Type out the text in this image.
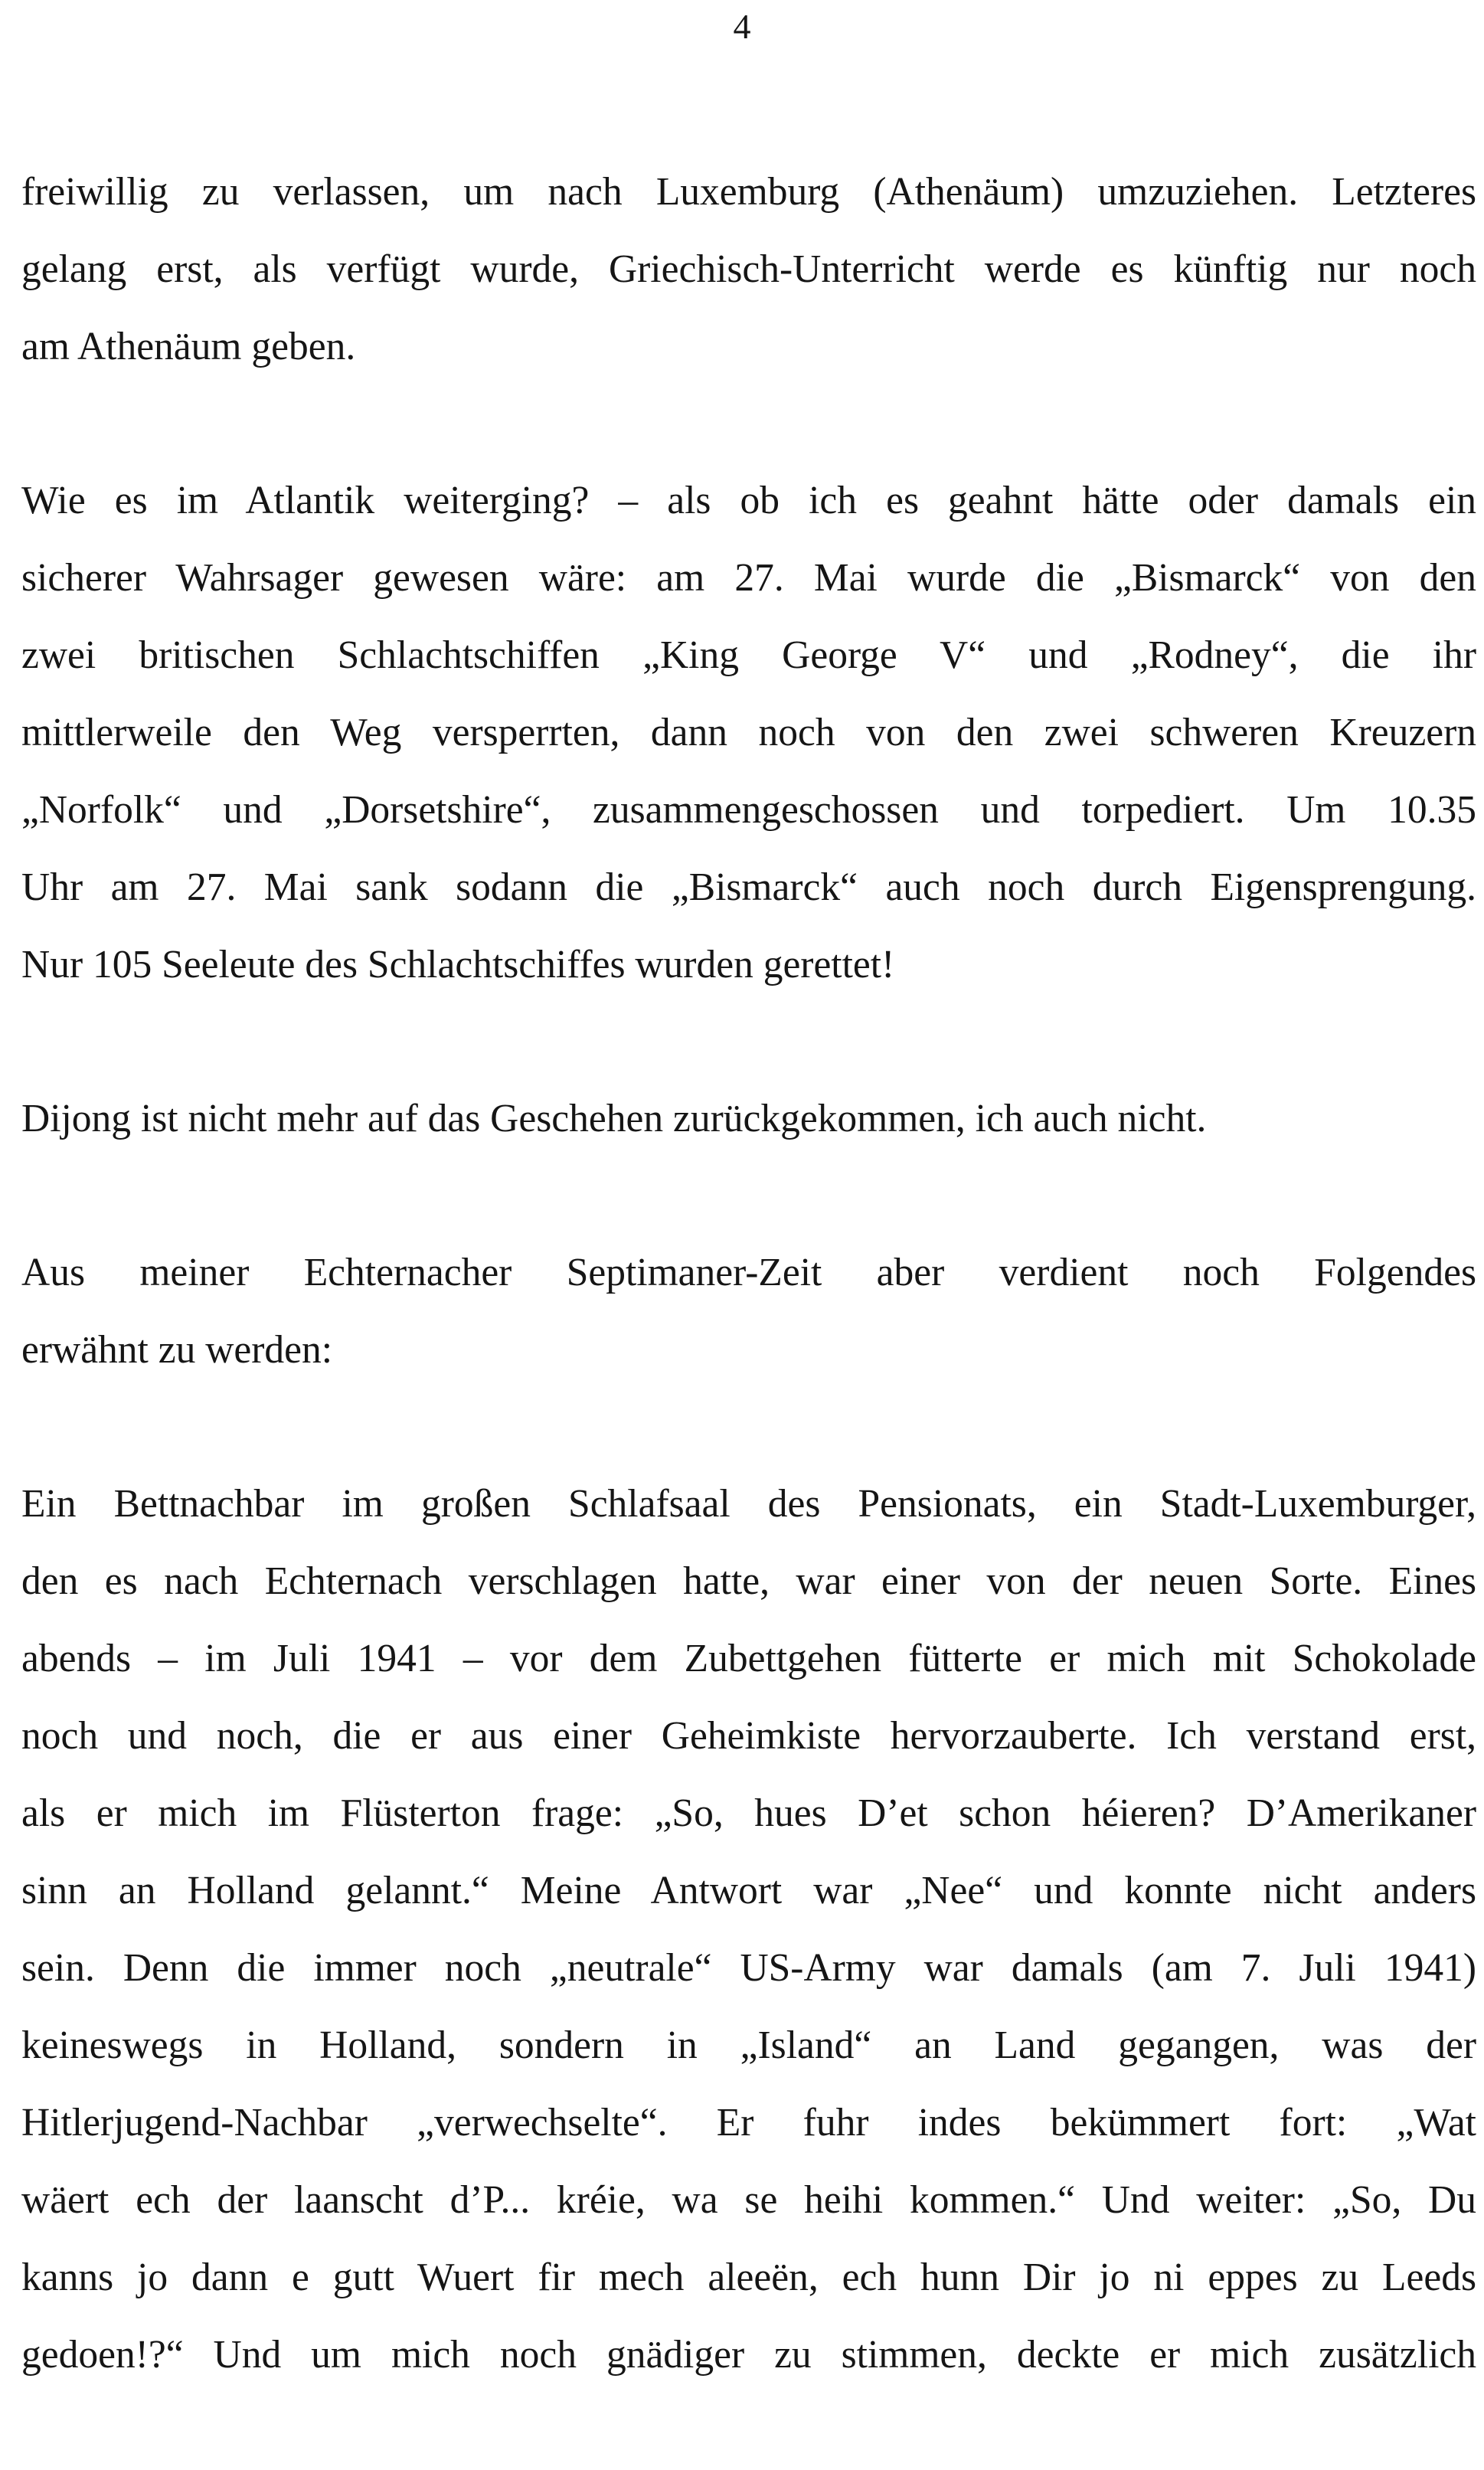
4
freiwillig zu verlassen, um nach Luxemburg (Athenäum) umzuziehen. Letzteres
gelang erst, als verfügt wurde, Griechisch-Unterricht werde es künftig nur noch
am Athenäum geben.
Wie es im Atlantik weiterging? – als ob ich es geahnt hätte oder damals ein
sicherer Wahrsager gewesen wäre: am 27. Mai wurde die „Bismarck“ von den
zwei britischen Schlachtschiffen „King George V“ und „Rodney“, die ihr
mittlerweile den Weg versperrten, dann noch von den zwei schweren Kreuzern
„Norfolk“ und „Dorsetshire“, zusammengeschossen und torpediert. Um 10.35
Uhr am 27. Mai sank sodann die „Bismarck“ auch noch durch Eigensprengung.
Nur 105 Seeleute des Schlachtschiffes wurden gerettet!
Dijong ist nicht mehr auf das Geschehen zurückgekommen, ich auch nicht.
Aus meiner Echternacher Septimaner-Zeit aber verdient noch Folgendes
erwähnt zu werden:
Ein Bettnachbar im großen Schlafsaal des Pensionats, ein Stadt-Luxemburger,
den es nach Echternach verschlagen hatte, war einer von der neuen Sorte. Eines
abends – im Juli 1941 – vor dem Zubettgehen fütterte er mich mit Schokolade
noch und noch, die er aus einer Geheimkiste hervorzauberte. Ich verstand erst,
als er mich im Flüsterton frage: „So, hues D’et schon héieren? D’Amerikaner
sinn an Holland gelannt.“ Meine Antwort war „Nee“ und konnte nicht anders
sein. Denn die immer noch „neutrale“ US-Army war damals (am 7. Juli 1941)
keineswegs in Holland, sondern in „Island“ an Land gegangen, was der
Hitlerjugend-Nachbar „verwechselte“. Er fuhr indes bekümmert fort: „Wat
wäert ech der laanscht d’P... kréie, wa se heihi kommen.“ Und weiter: „So, Du
kanns jo dann e gutt Wuert fir mech aleeën, ech hunn Dir jo ni eppes zu Leeds
gedoen!?“ Und um mich noch gnädiger zu stimmen, deckte er mich zusätzlich
